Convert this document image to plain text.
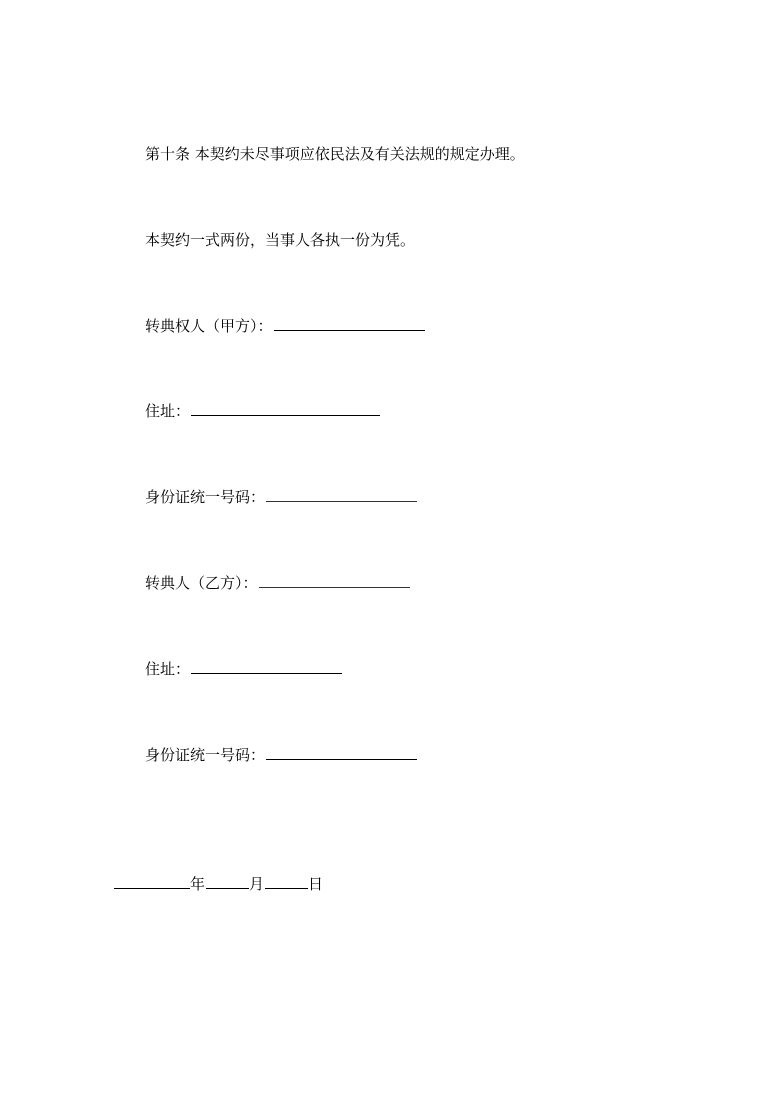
第十条 本契约未尽事项应依民法及有关法规的规定办理。
本契约一式两份，当事人各执一份为凭。
转典权人（甲方）：
住址：
身份证统一号码：
转典人（乙方）：
住址：
身份证统一号码：
年	月	日
